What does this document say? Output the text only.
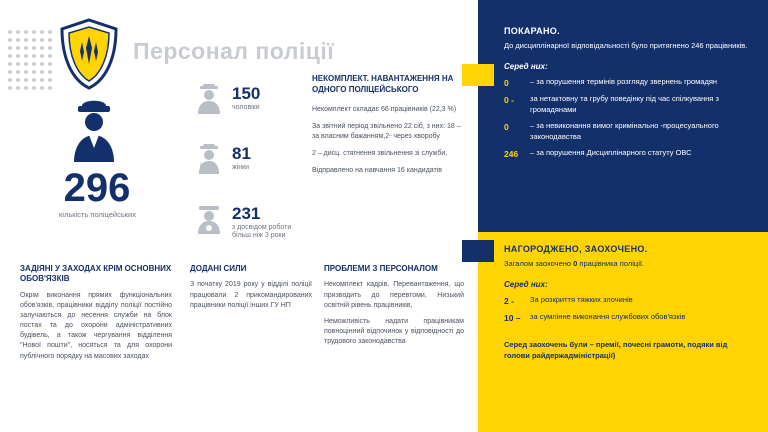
Персонал поліції
296
кількість поліцейських
150
чоловіки
81
жінки
231
з досвідом роботи більш ніж 3 роки
НЕКОМПЛЕКТ. НАВАНТАЖЕННЯ НА ОДНОГО ПОЛІЦЕЙСЬКОГО

Некомплект складає 66 працівників (22,3 %)

За звітний період звільнено 22 сіб, з них: 18 – за власним бажанням,2- через хворобу

2 – дисц. стягнення звільнення зі служби,

Відправлено на навчання 16 кандидатів

ЗАДІЯНІ У ЗАХОДАХ КРІМ ОСНОВНИХ ОБОВ'ЯЗКІВ

Окрім виконання прямих функціональних обов'язків, працівники відділу поліції постійно залучаються до несення служби на блок постах та до охорони адміністративних будівель, а також чергування відділення "Нової пошти", носяться та для охорони публічного порядку на масових заходах

ДОДАНІ СИЛИ

З початку 2019 року у відділі поліції працювали 2 прикомандированих працівники поліції інших ГУ НП

ПРОБЛЕМИ З ПЕРСОНАЛОМ

Некомплект кадрів, Перевантаження, що призводить до перевтоми, Низький освітній рівень працівників,

Неможливість надати працівникам повноцінний відпочинок у відповідності до трудового законодавства

ПОКАРАНО.
До дисциплінарної відповідальності було притягнено 246 працівників.
Серед них:
0	– за порушення термінів розгляду звернень громадян
0 -	за нетактовну та грубу поведінку під час спілкування з громадянами
0	– за невиконання вимог кримінально -процесуального законодавства
246	– за порушення Дисциплінарного статуту ОВС
НАГОРОДЖЕНО, ЗАОХОЧЕНО.
Загалом заохочено 0 працівника поліції.
Серед них:
2 -	За розкриття тяжких злочинів
10 –	за сумлінне виконання службових обов'язків
Серед заохочень були – премії, почесні грамоти, подяки від голови райдержадміністрації)
